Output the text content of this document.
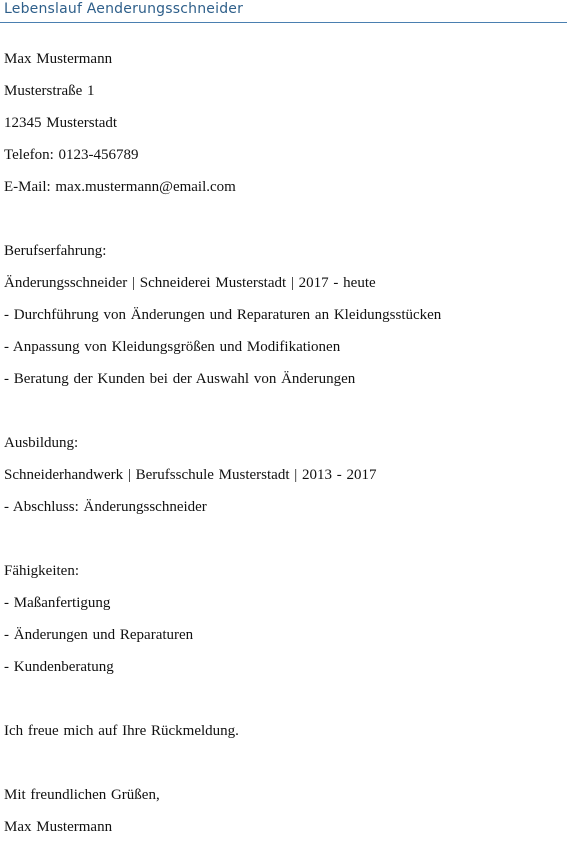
Lebenslauf Aenderungsschneider
Max Mustermann
Musterstraße 1
12345 Musterstadt
Telefon: 0123-456789
E-Mail: max.mustermann@email.com
Berufserfahrung:
Änderungsschneider | Schneiderei Musterstadt | 2017 - heute
- Durchführung von Änderungen und Reparaturen an Kleidungsstücken
- Anpassung von Kleidungsgrößen und Modifikationen
- Beratung der Kunden bei der Auswahl von Änderungen
Ausbildung:
Schneiderhandwerk | Berufsschule Musterstadt | 2013 - 2017
- Abschluss: Änderungsschneider
Fähigkeiten:
- Maßanfertigung
- Änderungen und Reparaturen
- Kundenberatung
Ich freue mich auf Ihre Rückmeldung.
Mit freundlichen Grüßen,
Max Mustermann
